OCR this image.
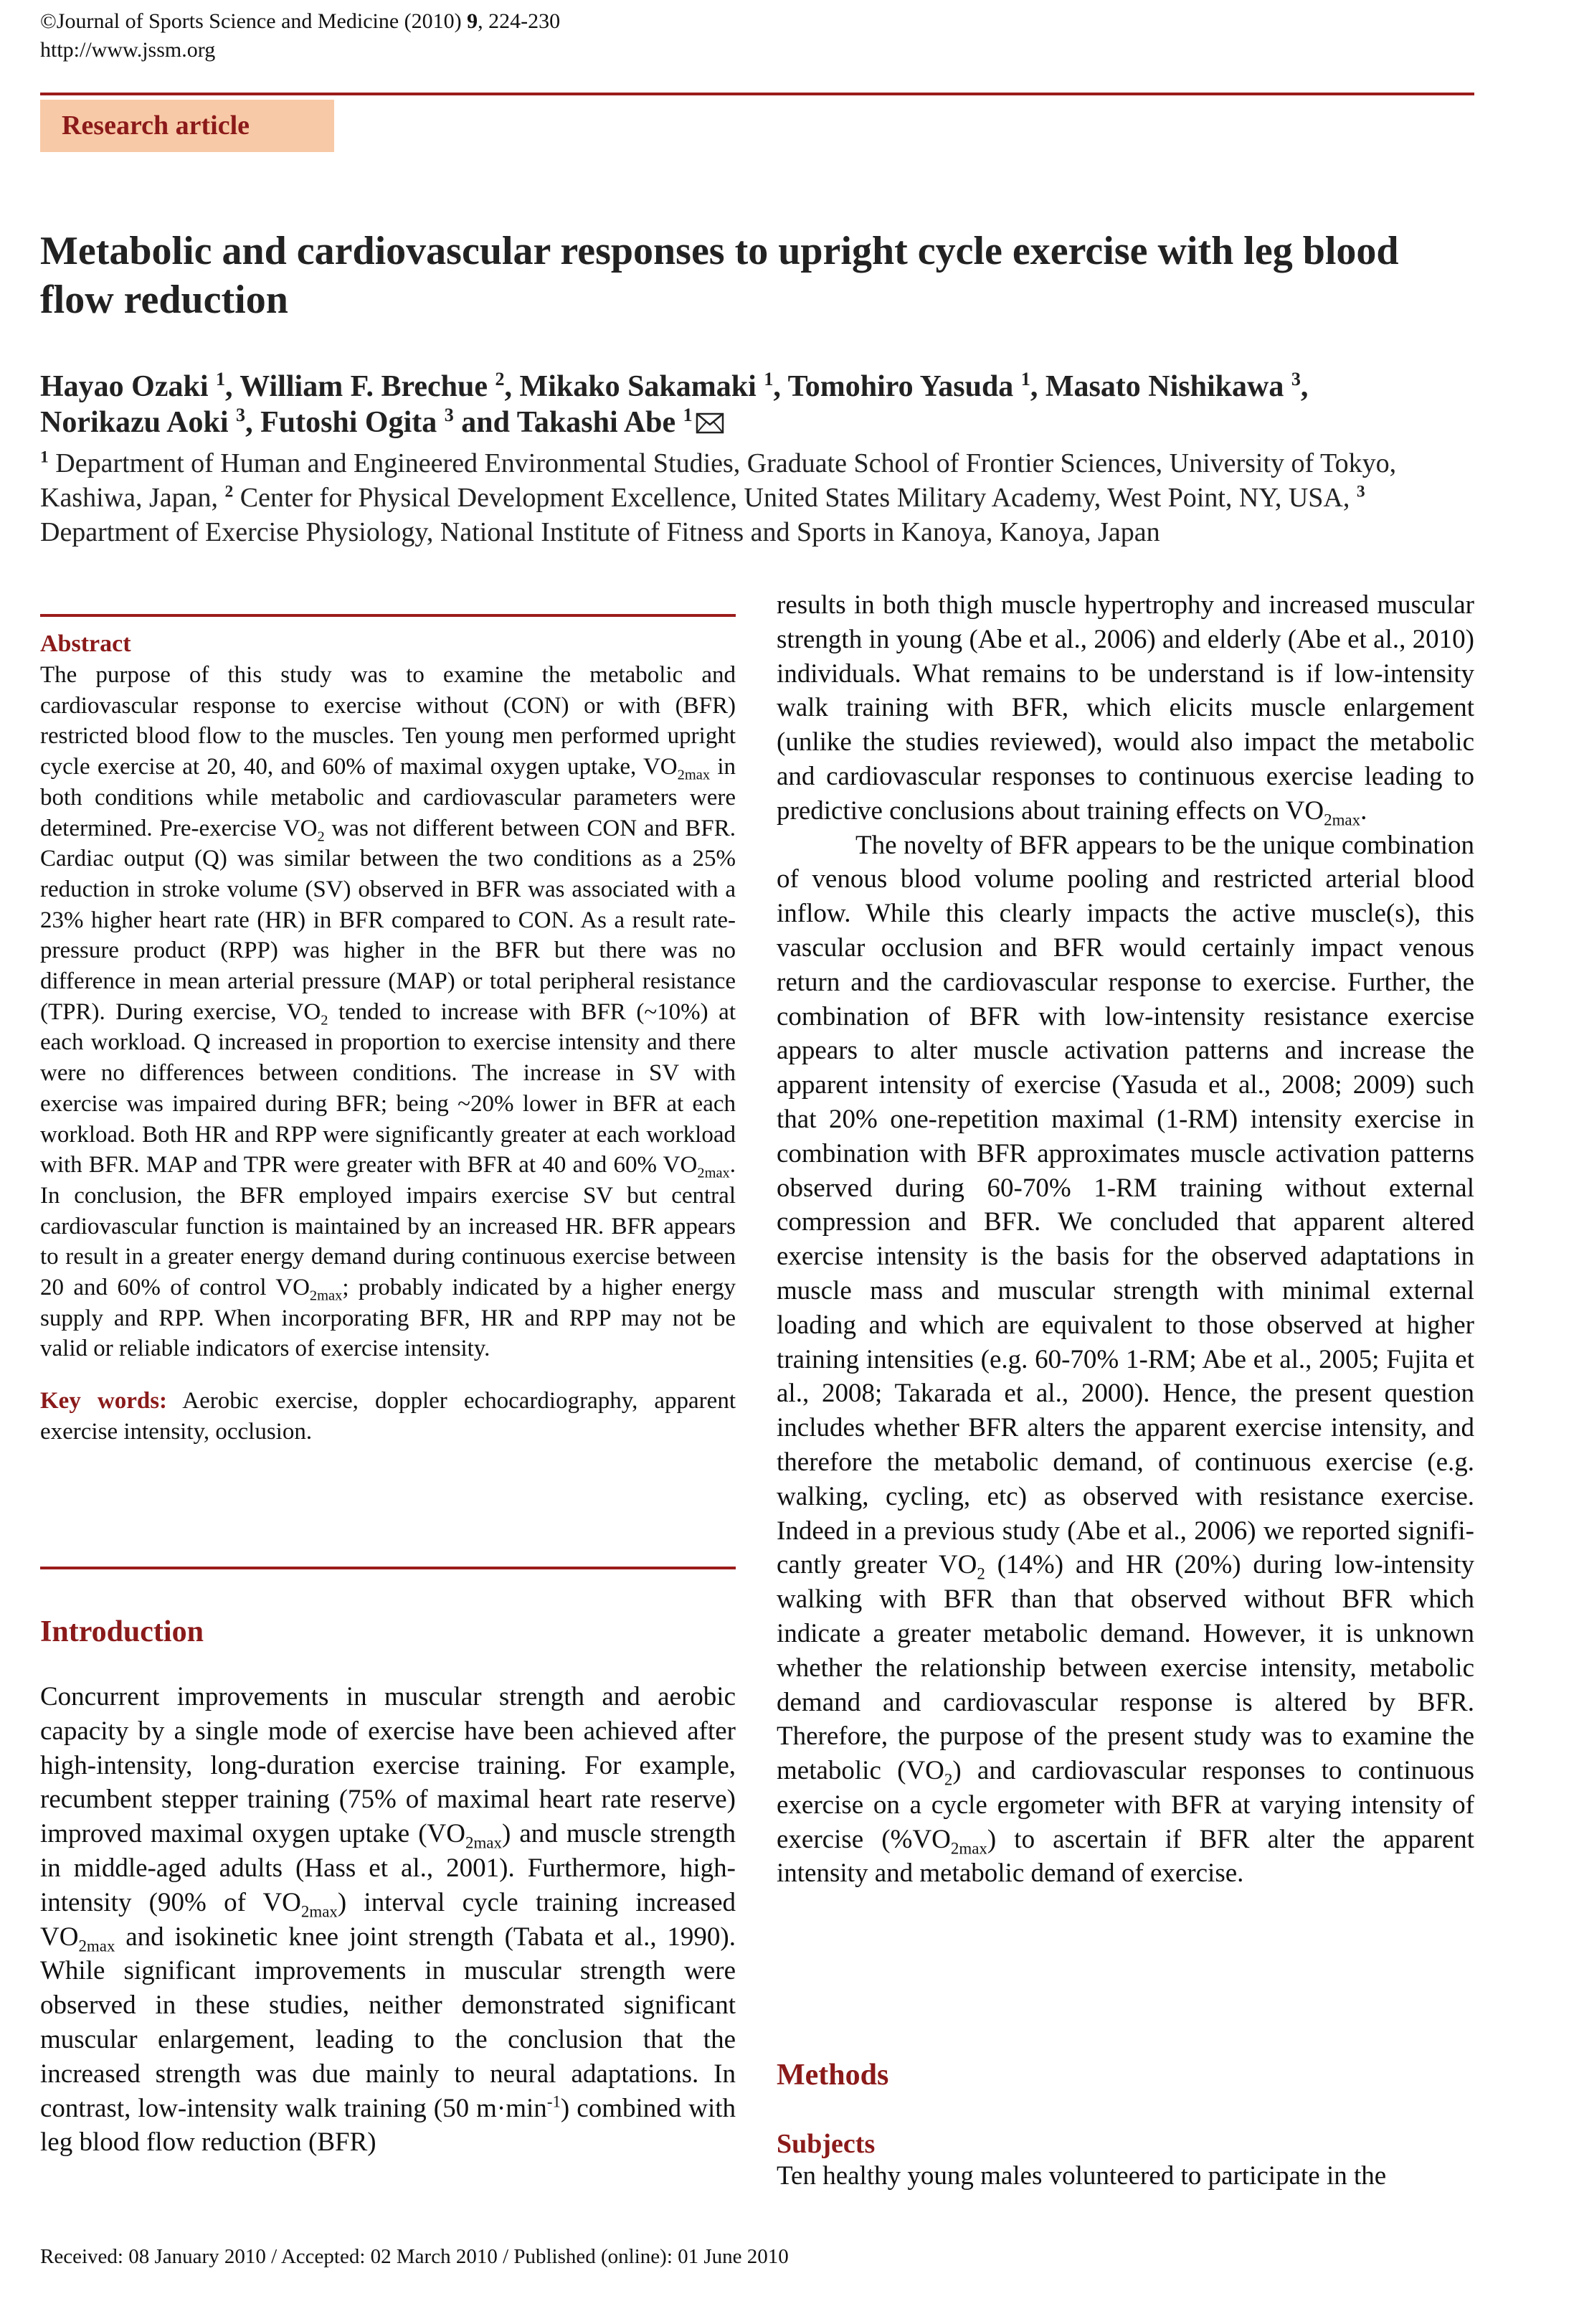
©Journal of Sports Science and Medicine (2010) 9, 224-230
http://www.jssm.org
Research article
Metabolic and cardiovascular responses to upright cycle exercise with leg blood flow reduction
Hayao Ozaki $^1$, William F. Brechue $^2$, Mikako Sakamaki $^1$, Tomohiro Yasuda $^1$, Masato Nishikawa $^3$,
Norikazu Aoki $^3$, Futoshi Ogita $^3$ and Takashi Abe $^1$
$^1$ Department of Human and Engineered Environmental Studies, Graduate School of Frontier Sciences, University of Tokyo, Kashiwa, Japan, $^2$ Center for Physical Development Excellence, United States Military Academy, West Point, NY, USA, $^3$ Department of Exercise Physiology, National Institute of Fitness and Sports in Kanoya, Kanoya, Japan
Abstract

The purpose of this study was to examine the metabolic and cardiovascular response to exercise without (CON) or with (BFR) restricted blood flow to the muscles. Ten young men performed upright cycle exercise at 20, 40, and 60% of maximal oxygen uptake, $VO_{2max}$ in both conditions while metabolic and cardiovascular parameters were determined. Pre-exercise $VO_2$ was not different between CON and BFR. Cardiac output (Q) was similar between the two conditions as a 25% reduction in stroke volume (SV) observed in BFR was associated with a 23% higher heart rate (HR) in BFR compared to CON. As a result rate-pressure product (RPP) was higher in the BFR but there was no difference in mean arterial pressure (MAP) or total peripheral resistance (TPR). During exercise, $VO_2$ tended to increase with BFR (~10%) at each workload. Q increased in proportion to exercise intensity and there were no differences between conditions. The increase in SV with exercise was impaired during BFR; being ~20% lower in BFR at each workload. Both HR and RPP were significantly greater at each workload with BFR. MAP and TPR were greater with BFR at 40 and 60% $VO_{2max}$. In conclusion, the BFR employed impairs exercise SV but central cardiovascular function is maintained by an increased HR. BFR appears to result in a greater energy demand during continuous exercise between 20 and 60% of control $VO_{2max}$; probably indicated by a higher energy supply and RPP. When incorporating BFR, HR and RPP may not be valid or reliable indicators of exercise intensity.

Key words: Aerobic exercise, doppler echocardiography, apparent exercise intensity, occlusion.

Introduction

Concurrent improvements in muscular strength and aerobic capacity by a single mode of exercise have been achieved after high-intensity, long-duration exercise training. For example, recumbent stepper training (75% of maximal heart rate reserve) improved maximal oxygen uptake $(VO_{2max})$ and muscle strength in middle-aged adults (Hass et al., 2001). Furthermore, high-intensity (90% of $VO_{2max}$) interval cycle training increased $VO_{2max}$ and isokinetic knee joint strength (Tabata et al., 1990). While significant improvements in muscular strength were observed in these studies, neither demonstrated significant muscular enlargement, leading to the conclusion that the increased strength was due mainly to neural adaptations. In contrast, low-intensity walk training (50 $m\cdot\min^{-1}$) combined with leg blood flow reduction (BFR)

results in both thigh muscle hypertrophy and increased muscular strength in young (Abe et al., 2006) and elderly (Abe et al., 2010) individuals. What remains to be understand is if low-intensity walk training with BFR, which elicits muscle enlargement (unlike the studies reviewed), would also impact the metabolic and cardiovascular responses to continuous exercise leading to predictive conclusions about training effects on $VO_{2max}$.

The novelty of BFR appears to be the unique combination of venous blood volume pooling and restricted arterial blood inflow. While this clearly impacts the active muscle(s), this vascular occlusion and BFR would certainly impact venous return and the cardiovascular response to exercise. Further, the combination of BFR with low-intensity resistance exercise appears to alter muscle activation patterns and increase the apparent intensity of exercise (Yasuda et al., 2008; 2009) such that 20% one-repetition maximal (1-RM) intensity exercise in combination with BFR approximates muscle activation patterns observed during 60-70% 1-RM training without external compression and BFR. We concluded that apparent altered exercise intensity is the basis for the observed adaptations in muscle mass and muscular strength with minimal external loading and which are equivalent to those observed at higher training intensities (e.g. 60-70% 1-RM; Abe et al., 2005; Fujita et al., 2008; Takarada et al., 2000). Hence, the present question includes whether BFR alters the apparent exercise intensity, and therefore the metabolic demand, of continuous exercise (e.g. walking, cycling, etc) as observed with resistance exercise. Indeed in a previous study (Abe et al., 2006) we reported significantly greater $VO_2$ (14%) and HR (20%) during low-intensity walking with BFR than that observed without BFR which indicate a greater metabolic demand. However, it is unknown whether the relationship between exercise intensity, metabolic demand and cardiovascular response is altered by BFR. Therefore, the purpose of the present study was to examine the metabolic $(VO_2)$ and cardiovascular responses to continuous exercise on a cycle ergometer with BFR at varying intensity of exercise $(\%VO_{2max})$ to ascertain if BFR alter the apparent intensity and metabolic demand of exercise.

Methods
Subjects
Ten healthy young males volunteered to participate in the
Received: 08 January 2010 / Accepted: 02 March 2010 / Published (online): 01 June 2010
